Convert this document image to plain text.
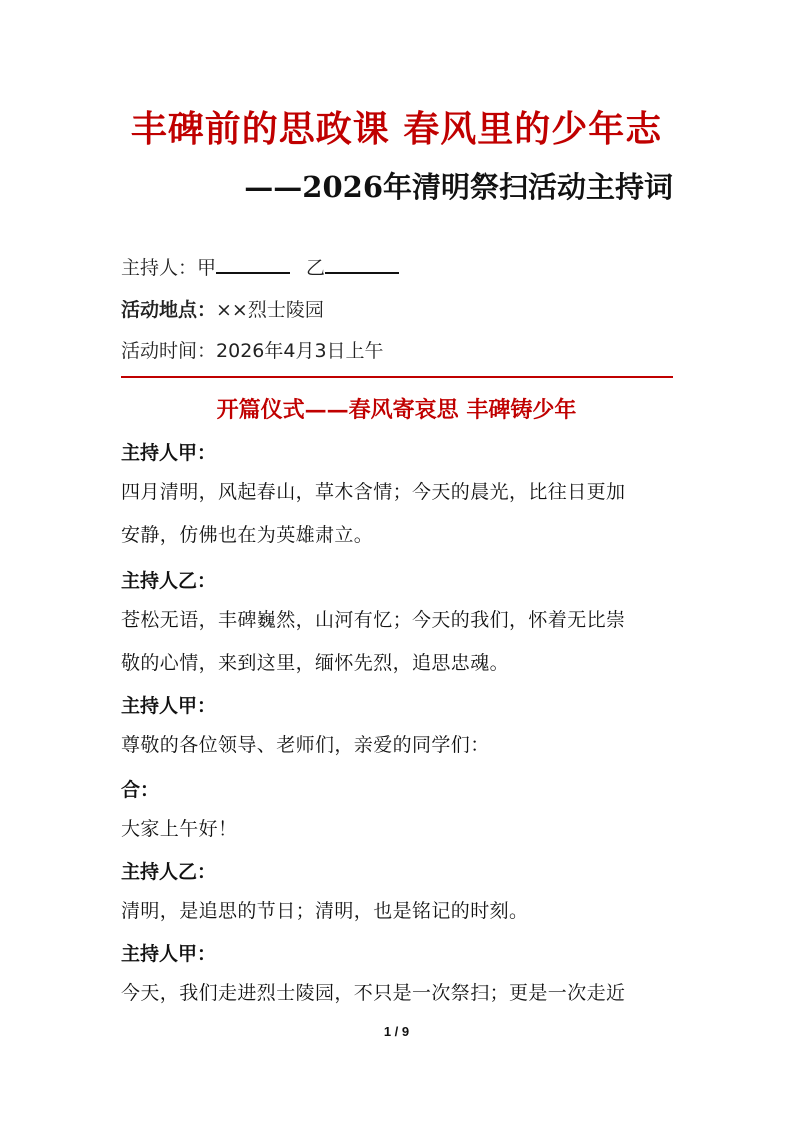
丰碑前的思政课 春风里的少年志
——2026年清明祭扫活动主持词
主持人：甲	乙
活动地点：××烈士陵园
活动时间：2026年4月3日上午
开篇仪式——春风寄哀思 丰碑铸少年
主持人甲：
四月清明，风起春山，草木含情；今天的晨光，比往日更加
安静，仿佛也在为英雄肃立。
主持人乙：
苍松无语，丰碑巍然，山河有忆；今天的我们，怀着无比崇
敬的心情，来到这里，缅怀先烈，追思忠魂。
主持人甲：
尊敬的各位领导、老师们，亲爱的同学们：
合：
大家上午好！
主持人乙：
清明，是追思的节日；清明，也是铭记的时刻。
主持人甲：
今天，我们走进烈士陵园，不只是一次祭扫；更是一次走近
1 / 9
